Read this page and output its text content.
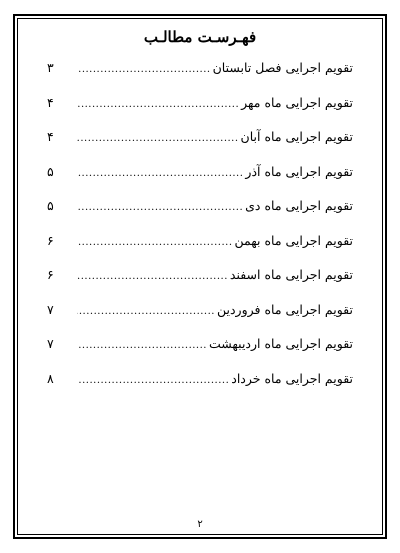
فهـرسـت مطالـب
تقویم اجرایی فصل تابستان
.....
۳
تقویم اجرایی ماه مهر
.....
۴
تقویم اجرایی ماه آبان
.....
۴
تقویم اجرایی ماه آذر
.....
۵
تقویم اجرایی ماه دی
.....
۵
تقویم اجرایی ماه بهمن
.....
۶
تقویم اجرایی ماه اسفند
.....
۶
تقویم اجرایی ماه فروردین
.....
۷
تقویم اجرایی ماه اردیبهشت
.....
۷
تقویم اجرایی ماه خرداد
.....
۸
۲
